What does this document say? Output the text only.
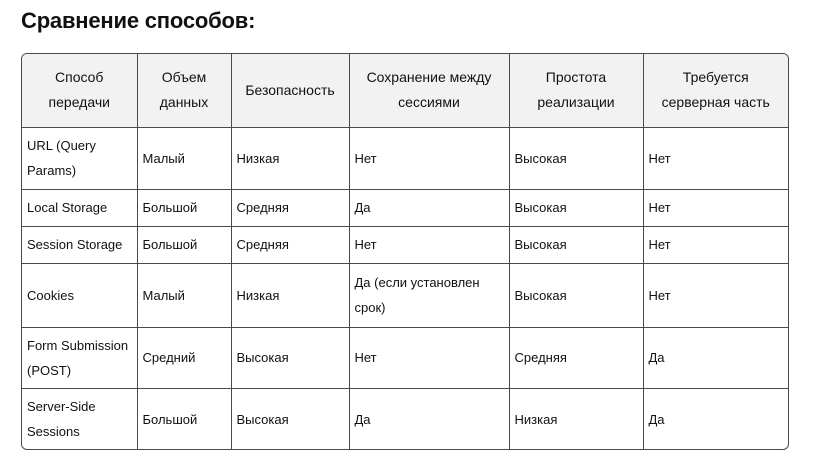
Сравнение способов:
Способ передачи	Объем данных	Безопасность	Сохранение между сессиями	Простота реализации	Требуется серверная часть
URL (Query Params)	Малый	Низкая	Нет	Высокая	Нет
Local Storage	Большой	Средняя	Да	Высокая	Нет
Session Storage	Большой	Средняя	Нет	Высокая	Нет
Cookies	Малый	Низкая	Да (если установлен срок)	Высокая	Нет
Form Submission (POST)	Средний	Высокая	Нет	Средняя	Да
Server-Side Sessions	Большой	Высокая	Да	Низкая	Да
